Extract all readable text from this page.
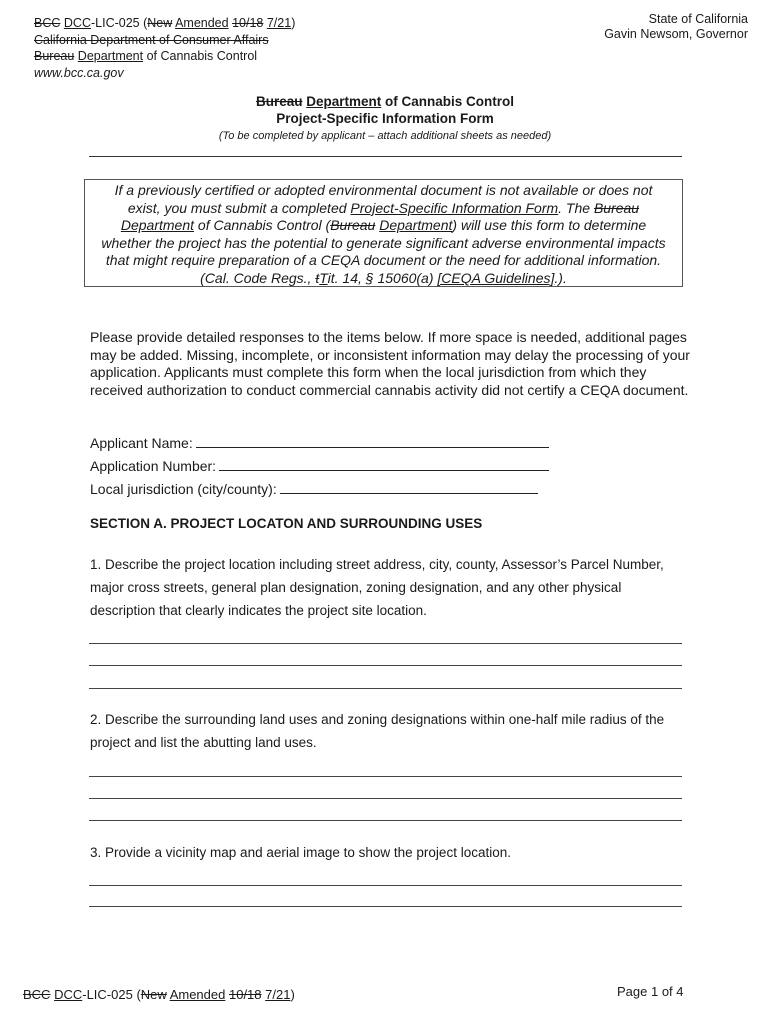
BCC DCC-LIC-025 (New Amended 10/18 7/21)
California Department of Consumer Affairs
Bureau Department of Cannabis Control
www.bcc.ca.gov
State of California
Gavin Newsom, Governor
Bureau Department of Cannabis Control
Project-Specific Information Form
(To be completed by applicant – attach additional sheets as needed)
If a previously certified or adopted environmental document is not available or does not exist, you must submit a completed Project-Specific Information Form. The Bureau Department of Cannabis Control (Bureau Department) will use this form to determine whether the project has the potential to generate significant adverse environmental impacts that might require preparation of a CEQA document or the need for additional information. (Cal. Code Regs., tTit. 14, § 15060(a) [CEQA Guidelines].).
Please provide detailed responses to the items below. If more space is needed, additional pages may be added. Missing, incomplete, or inconsistent information may delay the processing of your application. Applicants must complete this form when the local jurisdiction from which they received authorization to conduct commercial cannabis activity did not certify a CEQA document.
Applicant Name:
Application Number:
Local jurisdiction (city/county):
SECTION A. PROJECT LOCATON AND SURROUNDING USES
1. Describe the project location including street address, city, county, Assessor’s Parcel Number, major cross streets, general plan designation, zoning designation, and any other physical description that clearly indicates the project site location.
2. Describe the surrounding land uses and zoning designations within one-half mile radius of the project and list the abutting land uses.
3. Provide a vicinity map and aerial image to show the project location.
BCC DCC-LIC-025 (New Amended 10/18 7/21)	Page 1 of 4
